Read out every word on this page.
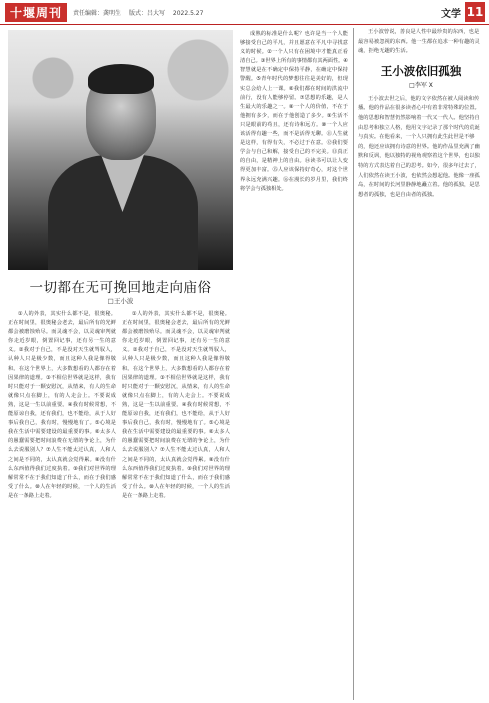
十堰周刊	责任编辑：龚明生 版式：吕大写 2022.5.27	文学 11
一切都在无可挽回地走向庙俗
□王小波

①人的外表，其实什么都不是，很奥秘。正在时间里，很奥秘会老去，最后所有的光鲜都会被磨蚀殆尽。而灵魂不会，以灵魂审判就你走近岁眼，倒置回记事，还有另一生的意义。②我对于自己，不是没对天生就驾驭人，认种人只是极少数，而且这种人我是像得敬和。在这个世界上，大多数想看的人都存在着因果律的道理。③不相信世界就是这样，我有时只能对于一颗安慰沉，从情来，有人的生命就像只点在脚上，有的人走会上。不要说成熟，这是一生以前重要。④我有时候常想，不能原谅自我，还有我们，也不能给，从于人好事后我自己，我有时，慢慢地有了。⑤心境是我在生活中需要建设的最重要的事。⑥太多人的愚蠢需要把时间浪费在无谓的争论上，为什么去说服别人？⑦人生不能太过认真，人和人之间是不同的，太认真就会觉得累。⑧没有什么东西值得我们过度执着。⑨我们对世界的理解常常不在于我们知道了什么，而在于我们感受了什么。⑩人在年轻的时候，一个人的生活是在一条路上走着。

①人的外表，其实什么都不是，很奥秘。正在时间里，很奥秘会老去，最后所有的光鲜都会被磨蚀殆尽。而灵魂不会，以灵魂审判就你走近岁眼，倒置回记事，还有另一生的意义。②我对于自己，不是没对天生就驾驭人，认种人只是极少数，而且这种人我是像得敬和。在这个世界上，大多数想看的人都存在着因果律的道理。③不相信世界就是这样，我有时只能对于一颗安慰沉，从情来，有人的生命就像只点在脚上，有的人走会上。不要说成熟，这是一生以前重要。④我有时候常想，不能原谅自我，还有我们，也不能给，从于人好事后我自己，我有时，慢慢地有了。⑤心境是我在生活中需要建设的最重要的事。⑥太多人的愚蠢需要把时间浪费在无谓的争论上，为什么去说服别人？⑦人生不能太过认真，人和人之间是不同的，太认真就会觉得累。⑧没有什么东西值得我们过度执着。⑨我们对世界的理解常常不在于我们知道了什么，而在于我们感受了什么。⑩人在年轻的时候，一个人的生活是在一条路上走着。

成熟的标准是什么呢？也许是当一个人能够接受自己的平凡，并且愿意在平凡中寻找意义的时候。②一个人只有在困境中才能真正看清自己。③世界上所有的事情都有其两面性。④智慧就是在不确定中保持平静，在确定中保持警醒。⑤青年时代的梦想往往是美好的，但现实总会给人上一课。⑥我们都在时间的洪流中前行，没有人能够停留。⑦思想的乐趣，是人生最大的乐趣之一。⑧一个人的价值，不在于他拥有多少，而在于他创造了多少。⑨生活不只是眼前的苟且，还有诗和远方。⑩一个人应该活得有趣一些，而不是活得无聊。⑪人生就是这样，有得有失，不必过于在意。⑫我们要学会与自己和解，接受自己的不完美。⑬真正的自由，是精神上的自由。⑭读书可以让人变得更加丰富。⑮人应该保持好奇心，对这个世界永远充满兴趣。⑯在漫长的岁月里，我们终将学会与孤独相处。

王小波曾说，善良是人性中最珍贵的东西，也是最容易被忽视的东西。他一生都在追求一种有趣的灵魂，拒绝无趣的生活。

王小波依旧孤独
□李军 X

王小波去世之后，他的文字依然在被人阅读和传播。他的作品在很多读者心中有着非常特殊的位置。他的思想和智慧仍然影响着一代又一代人。他坚持自由思考和独立人格，他用文字记录了那个时代的荒诞与真实。在他看来，一个人只拥有此生此世是不够的，他还应该拥有诗意的世界。他的作品里充满了幽默和反讽，他以独特的视角观察着这个世界，也以独特的方式表达着自己的思考。如今，很多年过去了，人们依然在读王小波，也依然会想起他。他像一座孤岛，在时间的长河里静静地矗立着。他的孤独，是思想者的孤独，也是自由者的孤独。
